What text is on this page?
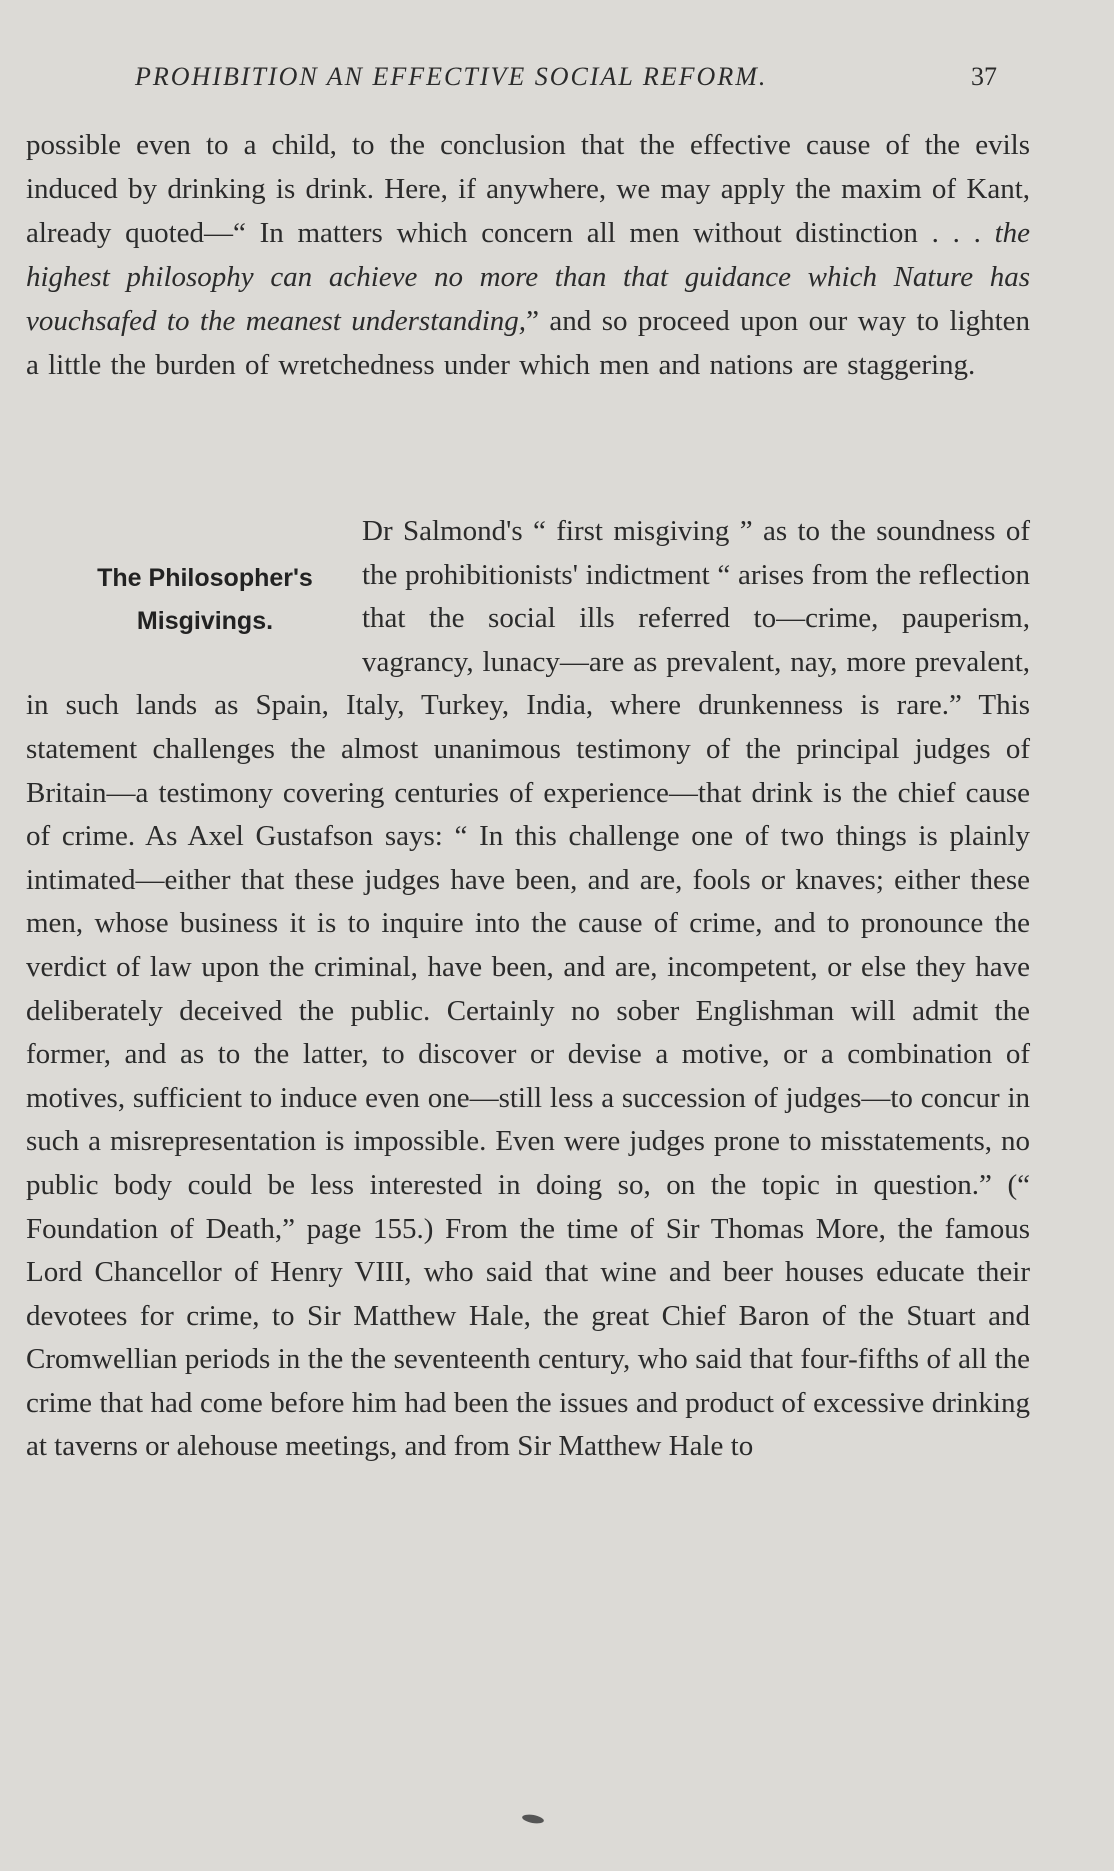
PROHIBITION AN EFFECTIVE SOCIAL REFORM.	37

possible even to a child, to the conclusion that the effective cause of the evils induced by drinking is drink. Here, if anywhere, we may apply the maxim of Kant, already quoted—“ In matters which concern all men without distinction . . . the highest philosophy can achieve no more than that guidance which Nature has vouchsafed to the meanest understanding,” and so proceed upon our way to lighten a little the burden of wretchedness under which men and nations are staggering.

The Philosopher's
Misgivings.
Dr Salmond's “ first misgiving ” as to the soundness of the prohibitionists' indictment “ arises from the reflection that the social ills referred to—crime, pauperism, vagrancy, lunacy—are as prevalent, nay, more prevalent, in such lands as Spain, Italy, Turkey, India, where drunkenness is rare.” This statement challenges the almost unanimous testimony of the principal judges of Britain—a testimony covering centuries of experience—that drink is the chief cause of crime. As Axel Gustafson says: “ In this challenge one of two things is plainly intimated—either that these judges have been, and are, fools or knaves; either these men, whose business it is to inquire into the cause of crime, and to pronounce the verdict of law upon the criminal, have been, and are, incompetent, or else they have deliberately deceived the public. Certainly no sober Englishman will admit the former, and as to the latter, to discover or devise a motive, or a combination of motives, sufficient to induce even one—still less a succession of judges—to concur in such a misrepresentation is impossible. Even were judges prone to misstatements, no public body could be less interested in doing so, on the topic in question.” (“ Foundation of Death,” page 155.) From the time of Sir Thomas More, the famous Lord Chancellor of Henry VIII, who said that wine and beer houses educate their devotees for crime, to Sir Matthew Hale, the great Chief Baron of the Stuart and Cromwellian periods in the the seventeenth century, who said that four-fifths of all the crime that had come before him had been the issues and product of excessive drinking at taverns or alehouse meetings, and from Sir Matthew Hale to
